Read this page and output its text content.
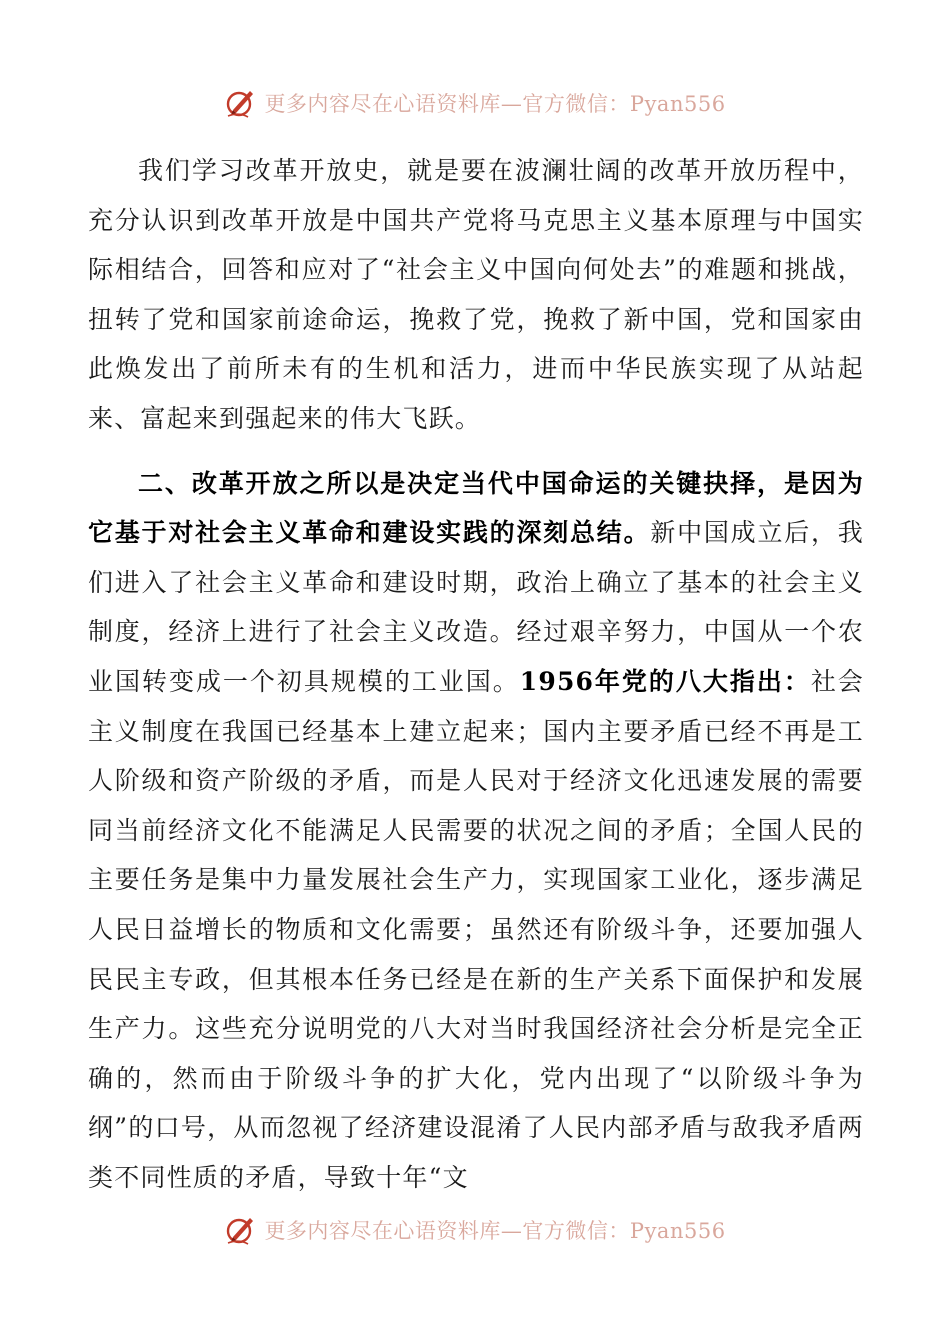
更多内容尽在心语资料库—官方微信：Pyan556

我们学习改革开放史，就是要在波澜壮阔的改革开放历程中，充分认识到改革开放是中国共产党将马克思主义基本原理与中国实际相结合，回答和应对了“社会主义中国向何处去”的难题和挑战，扭转了党和国家前途命运，挽救了党，挽救了新中国，党和国家由此焕发出了前所未有的生机和活力，进而中华民族实现了从站起来、富起来到强起来的伟大飞跃。

二、改革开放之所以是决定当代中国命运的关键抉择，是因为它基于对社会主义革命和建设实践的深刻总结。新中国成立后，我们进入了社会主义革命和建设时期，政治上确立了基本的社会主义制度，经济上进行了社会主义改造。经过艰辛努力，中国从一个农业国转变成一个初具规模的工业国。1956年党的八大指出：社会主义制度在我国已经基本上建立起来；国内主要矛盾已经不再是工人阶级和资产阶级的矛盾，而是人民对于经济文化迅速发展的需要同当前经济文化不能满足人民需要的状况之间的矛盾；全国人民的主要任务是集中力量发展社会生产力，实现国家工业化，逐步满足人民日益增长的物质和文化需要；虽然还有阶级斗争，还要加强人民民主专政，但其根本任务已经是在新的生产关系下面保护和发展生产力。这些充分说明党的八大对当时我国经济社会分析是完全正确的，然而由于阶级斗争的扩大化，党内出现了“以阶级斗争为纲”的口号，从而忽视了经济建设混淆了人民内部矛盾与敌我矛盾两类不同性质的矛盾，导致十年“文

更多内容尽在心语资料库—官方微信：Pyan556
